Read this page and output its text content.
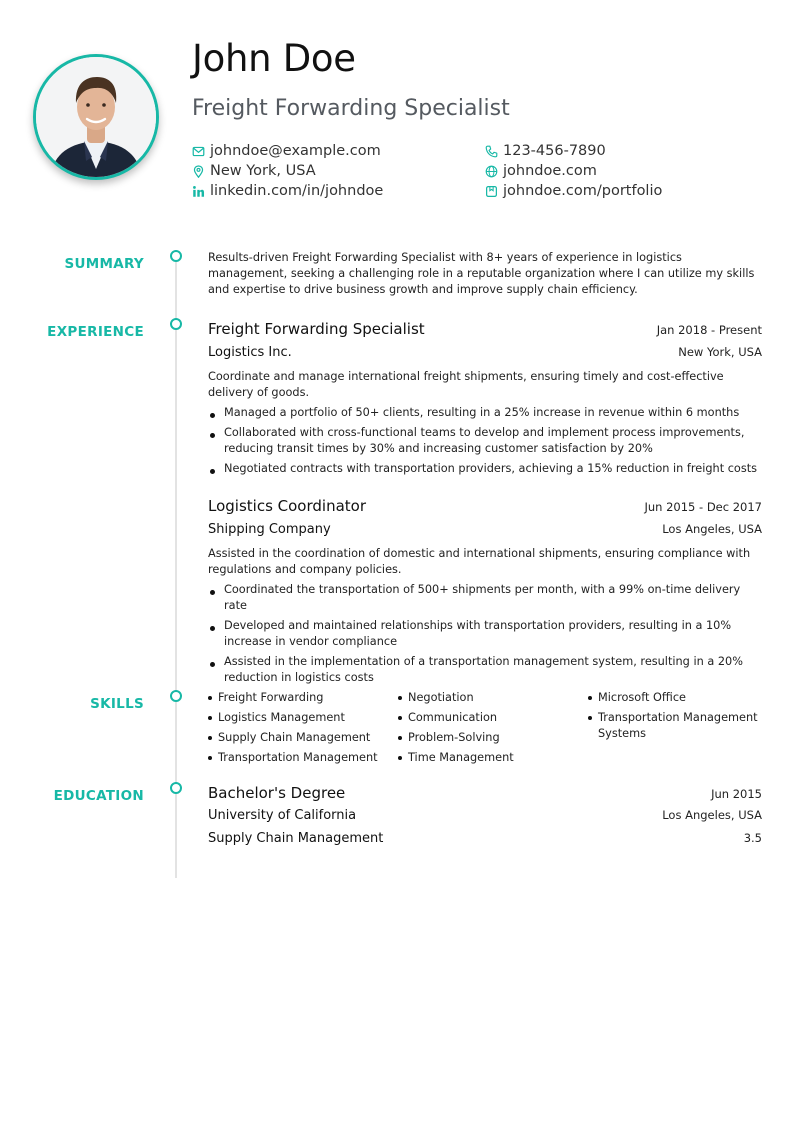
John Doe
Freight Forwarding Specialist
johndoe@example.com	123-456-7890
New York, USA	johndoe.com
linkedin.com/in/johndoe	johndoe.com/portfolio
SUMMARY	Results-driven Freight Forwarding Specialist with 8+ years of experience in logistics management, seeking a challenging role in a reputable organization where I can utilize my skills and expertise to drive business growth and improve supply chain efficiency.
EXPERIENCE	Freight Forwarding Specialist	Jan 2018 - Present
Logistics Inc.	New York, USA
Coordinate and manage international freight shipments, ensuring timely and cost-effective delivery of goods.
Managed a portfolio of 50+ clients, resulting in a 25% increase in revenue within 6 months
Collaborated with cross-functional teams to develop and implement process improvements, reducing transit times by 30% and increasing customer satisfaction by 20%
Negotiated contracts with transportation providers, achieving a 15% reduction in freight costs
Logistics Coordinator	Jun 2015 - Dec 2017
Shipping Company	Los Angeles, USA
Assisted in the coordination of domestic and international shipments, ensuring compliance with regulations and company policies.
Coordinated the transportation of 500+ shipments per month, with a 99% on-time delivery rate
Developed and maintained relationships with transportation providers, resulting in a 10% increase in vendor compliance
Assisted in the implementation of a transportation management system, resulting in a 20% reduction in logistics costs
SKILLS	Freight Forwarding
Logistics Management
Supply Chain Management
Transportation Management
Negotiation
Communication
Problem-Solving
Time Management
Microsoft Office
Transportation Management Systems
EDUCATION	Bachelor's Degree	Jun 2015
University of California	Los Angeles, USA
Supply Chain Management	3.5
